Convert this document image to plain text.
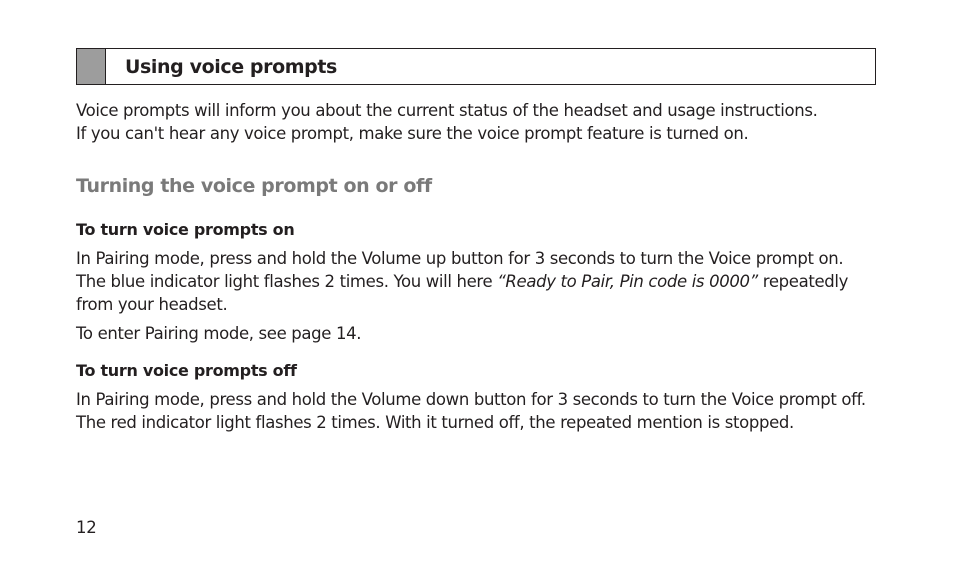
Using voice prompts

Voice prompts will inform you about the current status of the headset and usage instructions.

If you can't hear any voice prompt, make sure the voice prompt feature is turned on.

Turning the voice prompt on or off

To turn voice prompts on

In Pairing mode, press and hold the Volume up button for 3 seconds to turn the Voice prompt on.
The blue indicator light flashes 2 times. You will here “Ready to Pair, Pin code is 0000” repeatedly from your headset.

To enter Pairing mode, see page 14.

To turn voice prompts off

In Pairing mode, press and hold the Volume down button for 3 seconds to turn the Voice prompt off.
The red indicator light flashes 2 times. With it turned off, the repeated mention is stopped.

12
